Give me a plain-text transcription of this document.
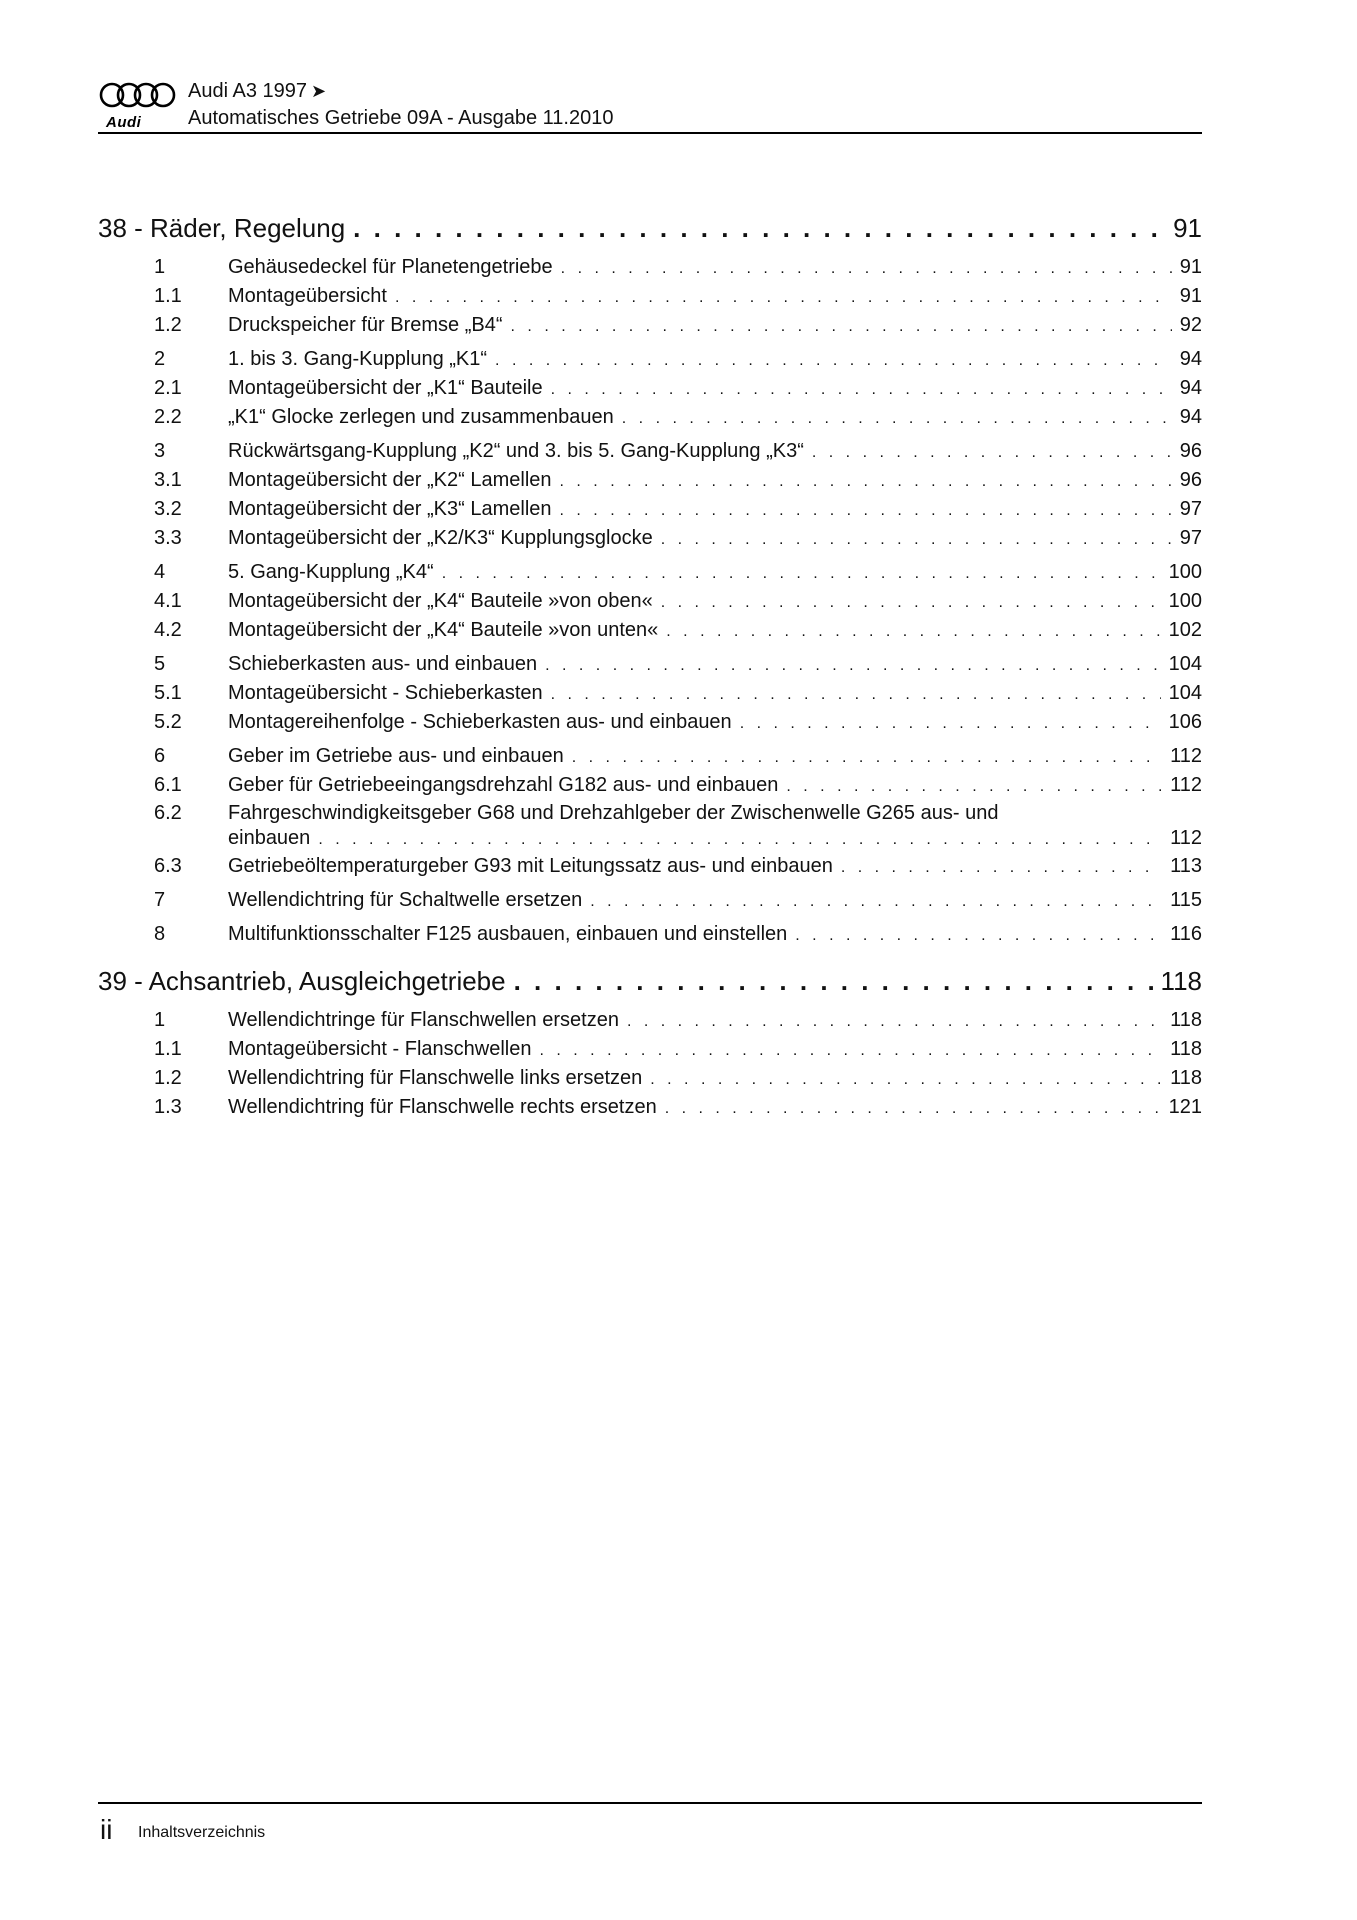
Audi
Audi A3 1997 ➤
Automatisches Getriebe 09A - Ausgabe 11.2010
38 - Räder, Regelung . . .	91
1	Gehäusedeckel für Planetengetriebe . . .	91
1.1	Montageübersicht . . .	91
1.2	Druckspeicher für Bremse „B4“ . . .	92
2	1. bis 3. Gang-Kupplung „K1“ . . .	94
2.1	Montageübersicht der „K1“ Bauteile . . .	94
2.2	„K1“ Glocke zerlegen und zusammenbauen . . .	94
3	Rückwärtsgang-Kupplung „K2“ und 3. bis 5. Gang-Kupplung „K3“ . . .	96
3.1	Montageübersicht der „K2“ Lamellen . . .	96
3.2	Montageübersicht der „K3“ Lamellen . . .	97
3.3	Montageübersicht der „K2/K3“ Kupplungsglocke . . .	97
4	5. Gang-Kupplung „K4“ . . .	100
4.1	Montageübersicht der „K4“ Bauteile »von oben« . . .	100
4.2	Montageübersicht der „K4“ Bauteile »von unten« . . .	102
5	Schieberkasten aus- und einbauen . . .	104
5.1	Montageübersicht - Schieberkasten . . .	104
5.2	Montagereihenfolge - Schieberkasten aus- und einbauen . . .	106
6	Geber im Getriebe aus- und einbauen . . .	112
6.1	Geber für Getriebeeingangsdrehzahl G182 aus- und einbauen . . .	112
6.2	Fahrgeschwindigkeitsgeber G68 und Drehzahlgeber der Zwischenwelle G265 aus- und
einbauen . . .	112
6.3	Getriebeöltemperaturgeber G93 mit Leitungssatz aus- und einbauen . . .	113
7	Wellendichtring für Schaltwelle ersetzen . . .	115
8	Multifunktionsschalter F125 ausbauen, einbauen und einstellen . . .	116
39 - Achsantrieb, Ausgleichgetriebe . . .	118
1	Wellendichtringe für Flanschwellen ersetzen . . .	118
1.1	Montageübersicht - Flanschwellen . . .	118
1.2	Wellendichtring für Flanschwelle links ersetzen . . .	118
1.3	Wellendichtring für Flanschwelle rechts ersetzen . . .	121
ii Inhaltsverzeichnis
